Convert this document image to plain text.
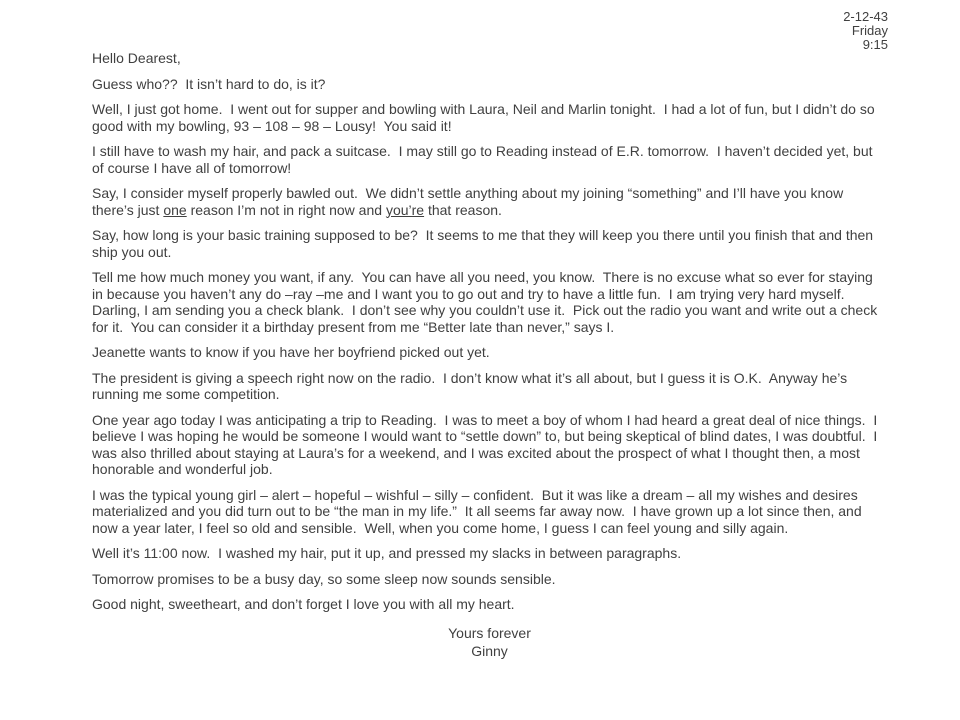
2-12-43
Friday
9:15
Hello Dearest,
Guess who??  It isn’t hard to do, is it?
Well, I just got home.  I went out for supper and bowling with Laura, Neil and Marlin tonight.  I had a lot of fun, but I didn’t do so good with my bowling, 93 – 108 – 98 – Lousy!  You said it!
I still have to wash my hair, and pack a suitcase.  I may still go to Reading instead of E.R. tomorrow.  I haven’t decided yet, but of course I have all of tomorrow!
Say, I consider myself properly bawled out.  We didn’t settle anything about my joining “something” and I’ll have you know there’s just one reason I’m not in right now and you’re that reason.
Say, how long is your basic training supposed to be?  It seems to me that they will keep you there until you finish that and then ship you out.
Tell me how much money you want, if any.  You can have all you need, you know.  There is no excuse what so ever for staying in because you haven’t any do –ray –me and I want you to go out and try to have a little fun.  I am trying very hard myself.  Darling, I am sending you a check blank.  I don’t see why you couldn’t use it.  Pick out the radio you want and write out a check for it.  You can consider it a birthday present from me “Better late than never,” says I.
Jeanette wants to know if you have her boyfriend picked out yet.
The president is giving a speech right now on the radio.  I don’t know what it’s all about, but I guess it is O.K.  Anyway he’s running me some competition.
One year ago today I was anticipating a trip to Reading.  I was to meet a boy of whom I had heard a great deal of nice things.  I believe I was hoping he would be someone I would want to “settle down” to, but being skeptical of blind dates, I was doubtful.  I was also thrilled about staying at Laura’s for a weekend, and I was excited about the prospect of what I thought then, a most honorable and wonderful job.
I was the typical young girl – alert – hopeful – wishful – silly – confident.  But it was like a dream – all my wishes and desires materialized and you did turn out to be “the man in my life.”  It all seems far away now.  I have grown up a lot since then, and now a year later, I feel so old and sensible.  Well, when you come home, I guess I can feel young and silly again.
Well it’s 11:00 now.  I washed my hair, put it up, and pressed my slacks in between paragraphs.
Tomorrow promises to be a busy day, so some sleep now sounds sensible.
Good night, sweetheart, and don’t forget I love you with all my heart.
Yours forever
Ginny
